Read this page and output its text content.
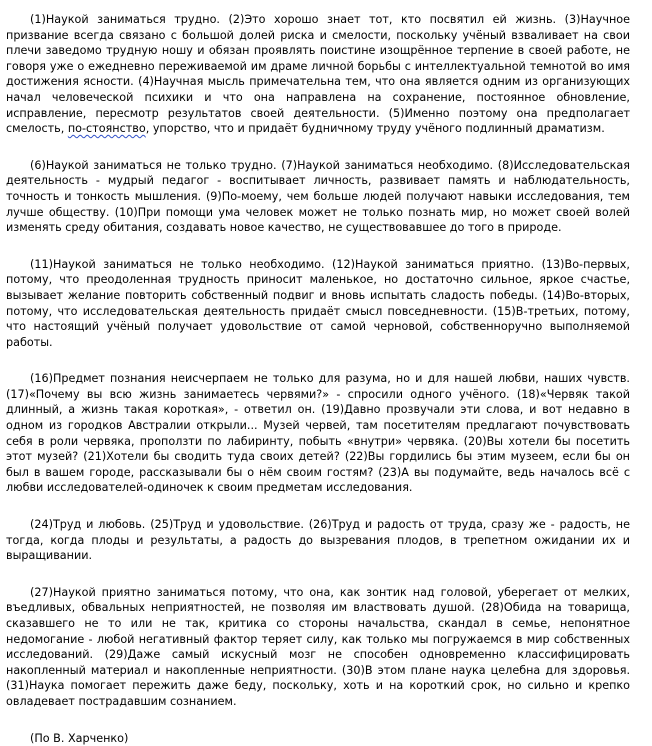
(1)Наукой заниматься трудно. (2)Это хорошо знает тот, кто посвятил ей жизнь. (3)Научное призвание всегда связано с большой долей риска и смелости, поскольку учёный взваливает на свои плечи заведомо трудную ношу и обязан проявлять поистине изощрённое терпение в своей работе, не говоря уже о ежедневно переживаемой им драме личной борьбы с интеллектуальной темнотой во имя достижения ясности. (4)Научная мысль примечательна тем, что она является одним из организующих начал человеческой психики и что она направлена на сохранение, постоянное обновление, исправление, пересмотр результатов своей деятельности. (5)Именно поэтому она предполагает смелость, по-стоянство, упорство, что и придаёт будничному труду учёного подлинный драматизм.

(6)Наукой заниматься не только трудно. (7)Наукой заниматься необходимо. (8)Исследовательская деятельность - мудрый педагог - воспитывает личность, развивает память и наблюдательность, точность и тонкость мышления. (9)По-моему, чем больше людей получают навыки исследования, тем лучше обществу. (10)При помощи ума человек может не только познать мир, но может своей волей изменять среду обитания, создавать новое качество, не существовавшее до того в природе.

(11)Наукой заниматься не только необходимо. (12)Наукой заниматься приятно. (13)Во-первых, потому, что преодоленная трудность приносит маленькое, но достаточно сильное, яркое счастье, вызывает желание повторить собственный подвиг и вновь испытать сладость победы. (14)Во-вторых, потому, что исследовательская деятельность придаёт смысл повседневности. (15)В-третьих, потому, что настоящий учёный получает удовольствие от самой черновой, собственноручно выполняемой работы.

(16)Предмет познания неисчерпаем не только для разума, но и для нашей любви, наших чувств. (17)«Почему вы всю жизнь занимаетесь червями?» - спросили одного учёного. (18)«Червяк такой длинный, а жизнь такая короткая», - ответил он. (19)Давно прозвучали эти слова, и вот недавно в одном из городков Австралии открыли... Музей червей, там посетителям предлагают почувствовать себя в роли червяка, проползти по лабиринту, побыть «внутри» червяка. (20)Вы хотели бы посетить этот музей? (21)Хотели бы сводить туда своих детей? (22)Вы гордились бы этим музеем, если бы он был в вашем городе, рассказывали бы о нём своим гостям? (23)А вы подумайте, ведь началось всё с любви исследователей-одиночек к своим предметам исследования.

(24)Труд и любовь. (25)Труд и удовольствие. (26)Труд и радость от труда, сразу же - радость, не тогда, когда плоды и результаты, а радость до вызревания плодов, в трепетном ожидании их и выращивании.

(27)Наукой приятно заниматься потому, что она, как зонтик над головой, уберегает от мелких, въедливых, обвальных неприятностей, не позволяя им властвовать душой. (28)Обида на товарища, сказавшего не то или не так, критика со стороны начальства, скандал в семье, непонятное недомогание - любой негативный фактор теряет силу, как только мы погружаемся в мир собственных исследований. (29)Даже самый искусный мозг не способен одновременно классифицировать накопленный материал и накопленные неприятности. (30)В этом плане наука целебна для здоровья. (31)Наука помогает пережить даже беду, поскольку, хоть и на короткий срок, но сильно и крепко овладевает пострадавшим сознанием.

(По В. Харченко)
